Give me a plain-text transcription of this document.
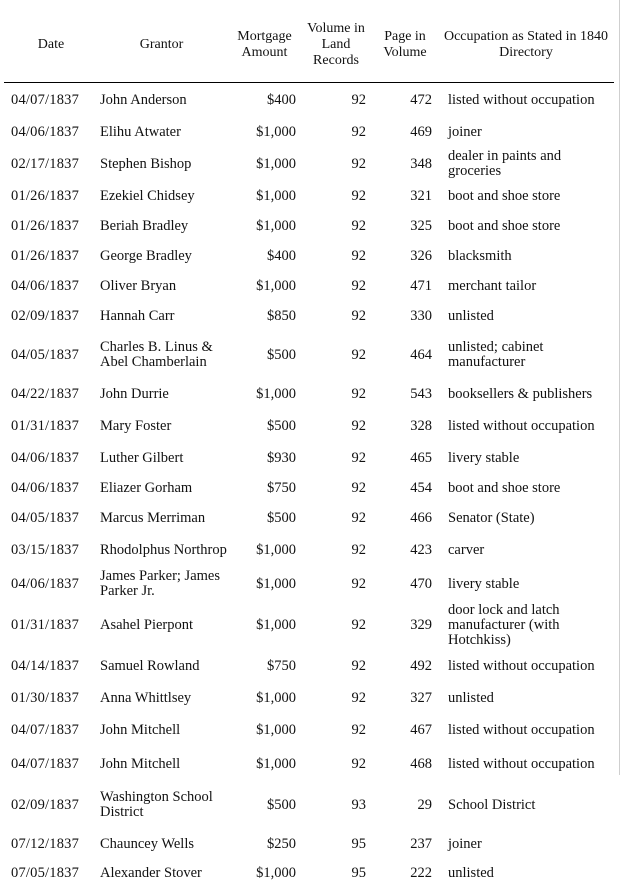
Date	Grantor	Mortgage Amount	Volume in Land Records	Page in Volume	Occupation as Stated in 1840 Directory
04/07/1837	John Anderson	$400	92	472	listed without occupation
04/06/1837	Elihu Atwater	$1,000	92	469	joiner
02/17/1837	Stephen Bishop	$1,000	92	348	dealer in paints and groceries
01/26/1837	Ezekiel Chidsey	$1,000	92	321	boot and shoe store
01/26/1837	Beriah Bradley	$1,000	92	325	boot and shoe store
01/26/1837	George Bradley	$400	92	326	blacksmith
04/06/1837	Oliver Bryan	$1,000	92	471	merchant tailor
02/09/1837	Hannah Carr	$850	92	330	unlisted
04/05/1837	Charles B. Linus & Abel Chamberlain	$500	92	464	unlisted; cabinet manufacturer
04/22/1837	John Durrie	$1,000	92	543	booksellers & publishers
01/31/1837	Mary Foster	$500	92	328	listed without occupation
04/06/1837	Luther Gilbert	$930	92	465	livery stable
04/06/1837	Eliazer Gorham	$750	92	454	boot and shoe store
04/05/1837	Marcus Merriman	$500	92	466	Senator (State)
03/15/1837	Rhodolphus Northrop	$1,000	92	423	carver
04/06/1837	James Parker; James Parker Jr.	$1,000	92	470	livery stable
01/31/1837	Asahel Pierpont	$1,000	92	329	door lock and latch manufacturer (with Hotchkiss)
04/14/1837	Samuel Rowland	$750	92	492	listed without occupation
01/30/1837	Anna Whittlsey	$1,000	92	327	unlisted
04/07/1837	John Mitchell	$1,000	92	467	listed without occupation
04/07/1837	John Mitchell	$1,000	92	468	listed without occupation
02/09/1837	Washington School District	$500	93	29	School District
07/12/1837	Chauncey Wells	$250	95	237	joiner
07/05/1837	Alexander Stover	$1,000	95	222	unlisted
